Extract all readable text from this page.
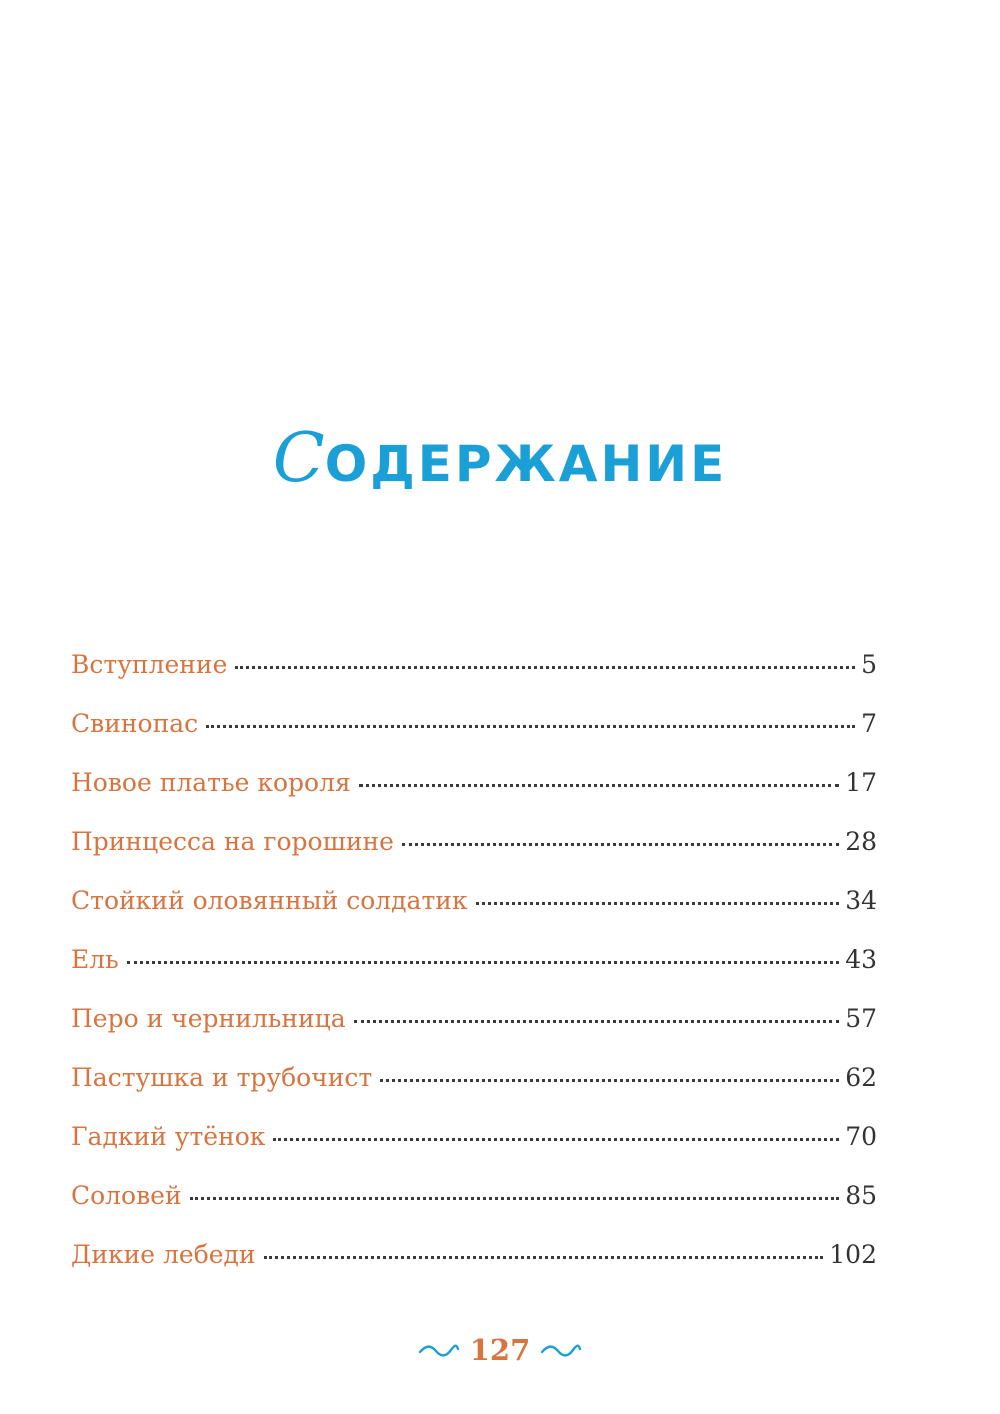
СОДЕРЖАНИЕ
Вступление	5
Свинопас	7
Новое платье короля	17
Принцесса на горошине	28
Стойкий оловянный солдатик	34
Ель	43
Перо и чернильница	57
Пастушка и трубочист	62
Гадкий утёнок	70
Соловей	85
Дикие лебеди	102
127
